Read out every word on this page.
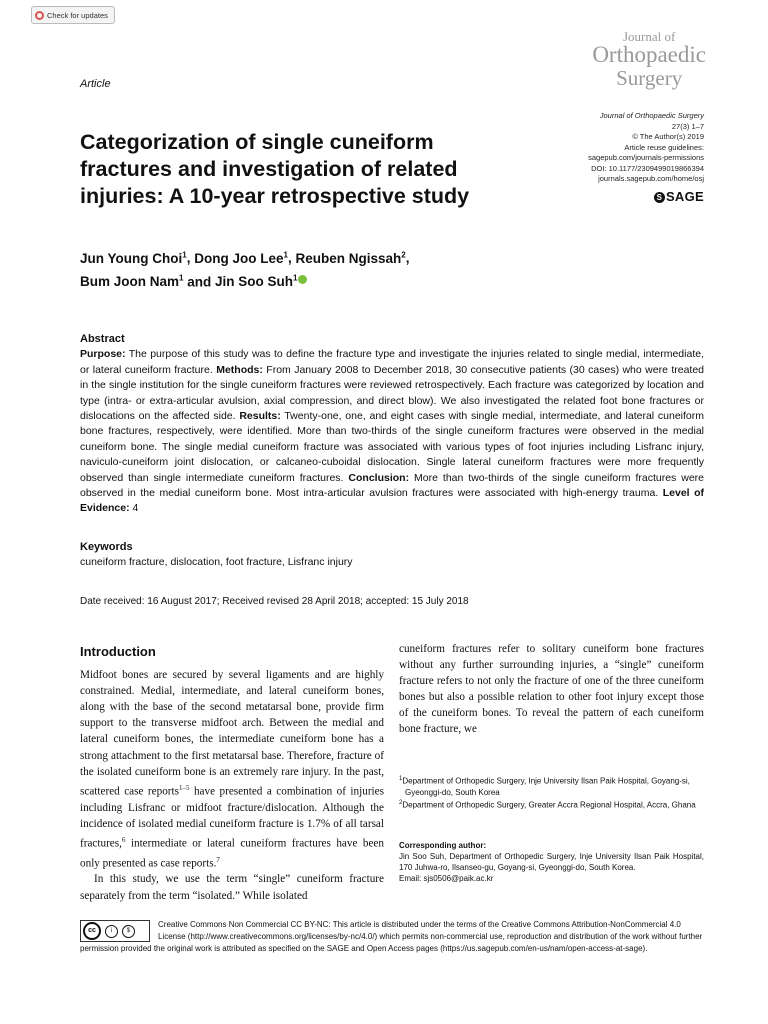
Check for updates
Journal of
Orthopaedic
Surgery
Article
Journal of Orthopaedic Surgery
27(3) 1–7
© The Author(s) 2019
Article reuse guidelines:
sagepub.com/journals-permissions
DOI: 10.1177/2309499019866394
journals.sagepub.com/home/osj
S SAGE
Categorization of single cuneiform fractures and investigation of related injuries: A 10-year retrospective study
Jun Young Choi$^1$, Dong Joo Lee$^1$, Reuben Ngissah$^2$,
Bum Joon Nam$^1$ and Jin Soo Suh$^1$
Abstract
Purpose: The purpose of this study was to define the fracture type and investigate the injuries related to single medial, intermediate, or lateral cuneiform fracture. Methods: From January 2008 to December 2018, 30 consecutive patients (30 cases) who were treated in the single institution for the single cuneiform fractures were reviewed retrospectively. Each fracture was categorized by location and type (intra- or extra-articular avulsion, axial compression, and direct blow). We also investigated the related foot bone fractures or dislocations on the affected side. Results: Twenty-one, one, and eight cases with single medial, intermediate, and lateral cuneiform bone fractures, respectively, were identified. More than two-thirds of the single cuneiform fractures were observed in the medial cuneiform bone. The single medial cuneiform fracture was associated with various types of foot injuries including Lisfranc injury, naviculo-cuneiform joint dislocation, or calcaneo-cuboidal dislocation. Single lateral cuneiform fractures were more frequently observed than single intermediate cuneiform fractures. Conclusion: More than two-thirds of the single cuneiform fractures were observed in the medial cuneiform bone. Most intra-articular avulsion fractures were associated with high-energy trauma. Level of Evidence: 4
Keywords
cuneiform fracture, dislocation, foot fracture, Lisfranc injury
Date received: 16 August 2017; Received revised 28 April 2018; accepted: 15 July 2018
Introduction

Midfoot bones are secured by several ligaments and are highly constrained. Medial, intermediate, and lateral cuneiform bones, along with the base of the second metatarsal bone, provide firm support to the transverse midfoot arch. Between the medial and lateral cuneiform bones, the intermediate cuneiform bone has a strong attachment to the first metatarsal base. Therefore, fracture of the isolated cuneiform bone is an extremely rare injury. In the past, scattered case reports$^{1-5}$ have presented a combination of injuries including Lisfranc or midfoot fracture/dislocation. Although the incidence of isolated medial cuneiform fracture is 1.7% of all tarsal fractures,$^6$ intermediate or lateral cuneiform fractures have been only presented as case reports.$^7$

In this study, we use the term “single” cuneiform fracture separately from the term “isolated.” While isolated

cuneiform fractures refer to solitary cuneiform bone fractures without any further surrounding injuries, a “single” cuneiform fracture refers to not only the fracture of one of the three cuneiform bones but also a possible relation to other foot injury except those of the cuneiform bones. To reveal the pattern of each cuneiform bone fracture, we

$^1$Department of Orthopedic Surgery, Inje University Ilsan Paik Hospital, Goyang-si, Gyeonggi-do, South Korea
$^2$Department of Orthopedic Surgery, Greater Accra Regional Hospital, Accra, Ghana
Corresponding author:
Jin Soo Suh, Department of Orthopedic Surgery, Inje University Ilsan Paik Hospital, 170 Juhwa-ro, Ilsanseo-gu, Goyang-si, Gyeonggi-do, South Korea.
Email: sjs0506@paik.ac.kr
cc	i	$
Creative Commons Non Commercial CC BY-NC: This article is distributed under the terms of the Creative Commons Attribution-NonCommercial 4.0 License (http://www.creativecommons.org/licenses/by-nc/4.0/) which permits non-commercial use, reproduction and distribution of the work without further permission provided the original work is attributed as specified on the SAGE and Open Access pages (https://us.sagepub.com/en-us/nam/open-access-at-sage).
